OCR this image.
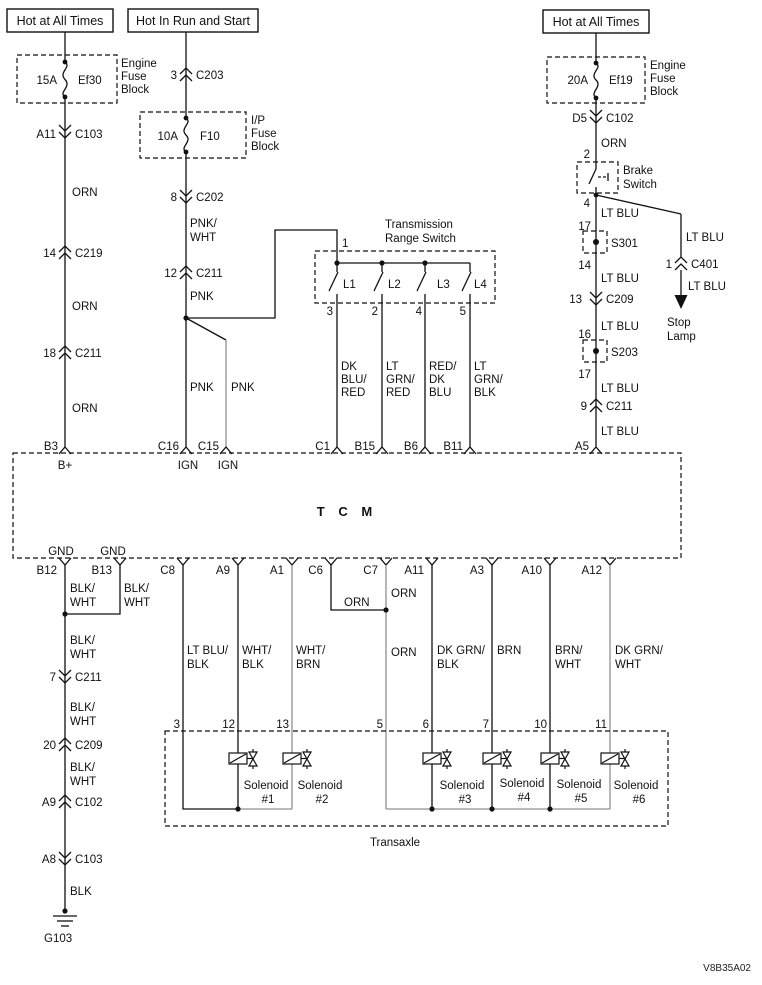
Hot at All Times	Hot In Run and Start	Hot at All Times
15A Ef30
Engine
Fuse
Block
10A F10
I/P
Fuse
Block
20A Ef19
Engine
Fuse
Block
A11 C103
ORN
14 C219
ORN
18 C211
ORN
3 C203
8 C202
PNK/
WHT
12 C211
PNK
PNK PNK
Transmission
Range Switch
1
L1
3
L2
2
L3
4
L4
5
DK
BLU/
RED
LT
GRN/
RED
RED/
DK
BLU
LT
GRN/
BLK
D5 C102
ORN
2
Brake
Switch
4
LT BLU
17
S301
14
LT BLU
13 C209
LT BLU
16
S203
17
LT BLU
9 C211
LT BLU
LT BLU
1 C401
LT BLU
Stop
Lamp
T C M
B3	C16 C15	C1 B15	B6 B11	A5
B+	IGN IGN
GND GND
B12	B13	C8	A9	A1 C6	C7 A11	A3	A10	A12
BLK/
WHT
BLK/
WHT
BLK/
WHT
7 C211
BLK/
WHT
20 C209
BLK/
WHT
A9 C102
A8 C103
BLK
G103
LT BLU/
BLK
WHT/
BLK
WHT/
BRN
ORN
ORN
ORN DK GRN/
BLK
BRN	BRN/
WHT
DK GRN/
WHT
Transaxle
3	12	13	5	6	7	10	11
Solenoid
#1
Solenoid
#2
Solenoid
#3
Solenoid
#4
Solenoid
#5
Solenoid
#6
V8B35A02
